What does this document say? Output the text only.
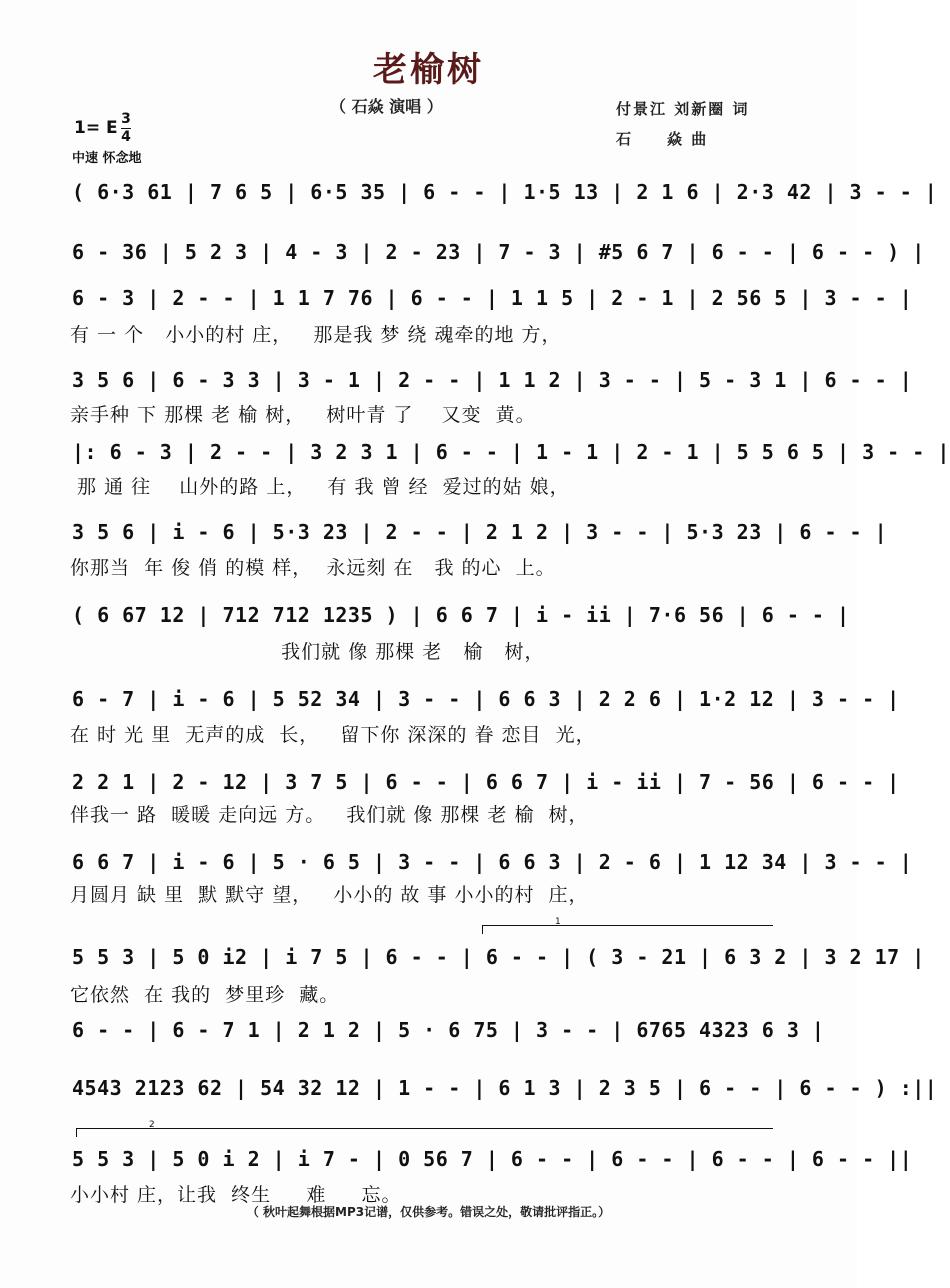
老榆树
（ 石焱 演唱 ）	付景江 刘新圈 词
石　　焱 曲
1= E 3
4
中速 怀念地
( 6·3 61 | 7 6 5 | 6·5 35 | 6 - - | 1·5 13 | 2 1 6 | 2·3 42 | 3 - - |
6 - 36 | 5 2 3 | 4 - 3 | 2 - 23 | 7 - 3 | #5 6 7 | 6 - - | 6 - - ) |
6 - 3 | 2 - - | 1 1 7 76 | 6 - - | 1 1 5 | 2 - 1 | 2 56 5 | 3 - - |
有 一 个   小小的村 庄，   那是我 梦 绕 魂牵的地 方，
3 5 6 | 6 - 3 3 | 3 - 1 | 2 - - | 1 1 2 | 3 - - | 5 - 3 1 | 6 - - |
亲手种 下 那棵 老 榆 树，   树叶青 了    又变  黄。
|: 6 - 3 | 2 - - | 3 2 3 1 | 6 - - | 1 - 1 | 2 - 1 | 5 5 6 5 | 3 - - |
那 通 往    山外的路 上，   有 我 曾 经  爱过的姑 娘，
3 5 6 | i - 6 | 5·3 23 | 2 - - | 2 1 2 | 3 - - | 5·3 23 | 6 - - |
你那当  年 俊 俏 的模 样，  永远刻 在   我 的心  上。
( 6 67 12 | 712 712 1235 ) | 6 6 7 | i - ii | 7·6 56 | 6 - - |
我们就 像 那棵 老   榆   树，
6 - 7 | i - 6 | 5 52 34 | 3 - - | 6 6 3 | 2 2 6 | 1·2 12 | 3 - - |
在 时 光 里  无声的成  长，   留下你 深深的 眷 恋目  光，
2 2 1 | 2 - 12 | 3 7 5 | 6 - - | 6 6 7 | i - ii | 7 - 56 | 6 - - |
伴我一 路  暖暖 走向远 方。   我们就 像 那棵 老 榆  树，
6 6 7 | i - 6 | 5 · 6 5 | 3 - - | 6 6 3 | 2 - 6 | 1 12 34 | 3 - - |
月圆月 缺 里  默 默守 望，   小小的 故 事 小小的村  庄，
1
5 5 3 | 5 0 i2 | i 7 5 | 6 - - | 6 - - | ( 3 - 21 | 6 3 2 | 3 2 17 |
它依然  在 我的  梦里珍  藏。
6 - - | 6 - 7 1 | 2 1 2 | 5 · 6 75 | 3 - - | 6765 4323 6 3 |
4543 2123 62 | 54 32 12 | 1 - - | 6 1 3 | 2 3 5 | 6 - - | 6 - - ) :||
2
5 5 3 | 5 0 i 2 | i 7 - | 0 56 7 | 6 - - | 6 - - | 6 - - | 6 - - ||
小小村 庄，让我  终生     难     忘。
（ 秋叶起舞根据MP3记谱，仅供参考。错误之处，敬请批评指正。）
